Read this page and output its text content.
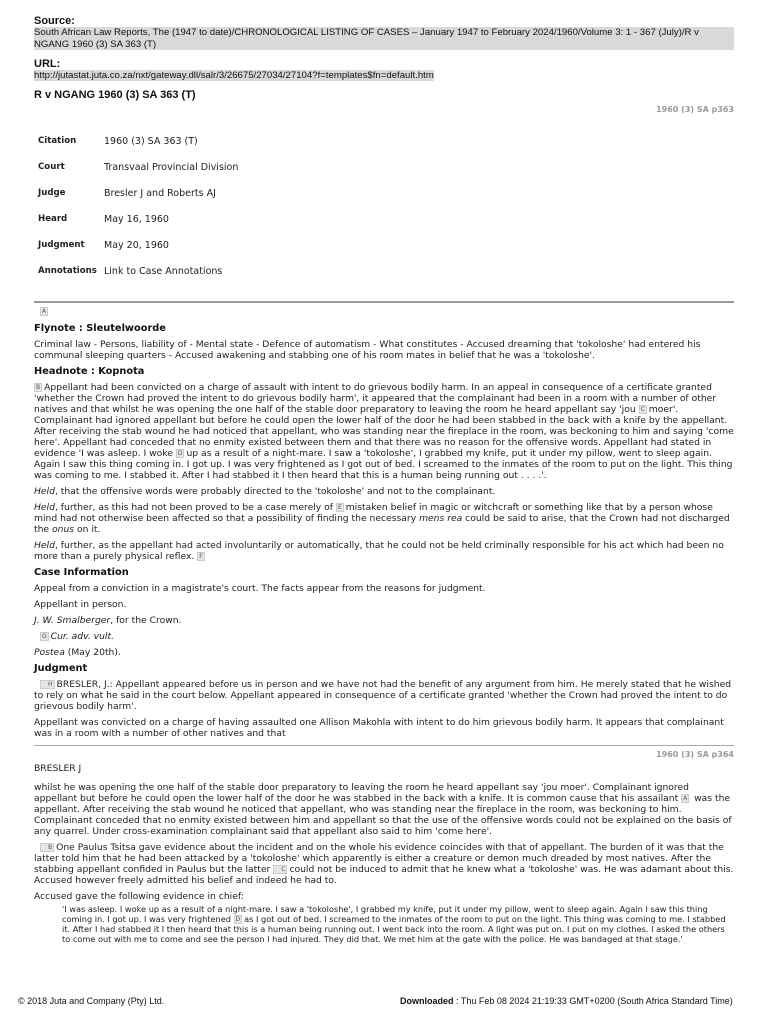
Source:
South African Law Reports, The (1947 to date)/CHRONOLOGICAL LISTING OF CASES – January 1947 to February 2024/1960/Volume 3: 1 - 367 (July)/R v NGANG 1960 (3) SA 363 (T)
URL:
http://jutastat.juta.co.za/nxt/gateway.dll/salr/3/26675/27034/27104?f=templates$fn=default.htm
R v NGANG 1960 (3) SA 363 (T)
1960 (3) SA p363
Citation	1960 (3) SA 363 (T)
Court	Transvaal Provincial Division
Judge	Bresler J and Roberts AJ
Heard	May 16, 1960
Judgment	May 20, 1960
Annotations	Link to Case Annotations
A
Flynote : Sleutelwoorde

Criminal law - Persons, liability of - Mental state - Defence of automatism - What constitutes - Accused dreaming that 'tokoloshe' had entered his communal sleeping quarters - Accused awakening and stabbing one of his room mates in belief that he was a 'tokoloshe'.

Headnote : Kopnota

B Appellant had been convicted on a charge of assault with intent to do grievous bodily harm. In an appeal in consequence of a certificate granted 'whether the Crown had proved the intent to do grievous bodily harm', it appeared that the complainant had been in a room with a number of other natives and that whilst he was opening the one half of the stable door preparatory to leaving the room he heard appellant say 'jou C moer'. Complainant had ignored appellant but before he could open the lower half of the door he had been stabbed in the back with a knife by the appellant. After receiving the stab wound he had noticed that appellant, who was standing near the fireplace in the room, was beckoning to him and saying 'come here'. Appellant had conceded that no enmity existed between them and that there was no reason for the offensive words. Appellant had stated in evidence 'I was asleep. I woke D up as a result of a night-mare. I saw a 'tokoloshe', I grabbed my knife, put it under my pillow, went to sleep again. Again I saw this thing coming in. I got up. I was very frightened as I got out of bed. I screamed to the inmates of the room to put on the light. This thing was coming to me. I stabbed it. After I had stabbed it I then heard that this is a human being running out . . . .'.

Held, that the offensive words were probably directed to the 'tokoloshe' and not to the complainant.

Held, further, as this had not been proved to be a case merely of E mistaken belief in magic or witchcraft or something like that by a person whose mind had not otherwise been affected so that a possibility of finding the necessary mens rea could be said to arise, that the Crown had not discharged the onus on it.

Held, further, as the appellant had acted involuntarily or automatically, that he could not be held criminally responsible for his act which had been no more than a purely physical reflex. F

Case Information

Appeal from a conviction in a magistrate's court. The facts appear from the reasons for judgment.

Appellant in person.

J. W. Smalberger, for the Crown.

G Cur. adv. vult.

Postea (May 20th).

Judgment

H BRESLER, J.: Appellant appeared before us in person and we have not had the benefit of any argument from him. He merely stated that he wished to rely on what he said in the court below. Appellant appeared in consequence of a certificate granted 'whether the Crown had proved the intent to do grievous bodily harm'.

Appellant was convicted on a charge of having assaulted one Allison Makohla with intent to do him grievous bodily harm. It appears that complainant was in a room with a number of other natives and that

1960 (3) SA p364

BRESLER J

whilst he was opening the one half of the stable door preparatory to leaving the room he heard appellant say 'jou moer'. Complainant ignored appellant but before he could open the lower half of the door he was stabbed in the back with a knife. It is common cause that his assailant A was the appellant. After receiving the stab wound he noticed that appellant, who was standing near the fireplace in the room, was beckoning to him. Complainant conceded that no enmity existed between him and appellant so that the use of the offensive words could not be explained on the basis of any quarrel. Under cross-examination complainant said that appellant also said to him 'come here'.

B One Paulus Tsitsa gave evidence about the incident and on the whole his evidence coincides with that of appellant. The burden of it was that the latter told him that he had been attacked by a 'tokoloshe' which apparently is either a creature or demon much dreaded by most natives. After the stabbing appellant confided in Paulus but the latter C could not be induced to admit that he knew what a 'tokoloshe' was. He was adamant about this. Accused however freely admitted his belief and indeed he had to.

Accused gave the following evidence in chief:

'I was asleep. I woke up as a result of a night-mare. I saw a 'tokoloshe', I grabbed my knife, put it under my pillow, went to sleep again. Again I saw this thing coming in. I got up. I was very frightened D as I got out of bed. I screamed to the inmates of the room to put on the light. This thing was coming to me. I stabbed it. After I had stabbed it I then heard that this is a human being running out. I went back into the room. A light was put on. I put on my clothes. I asked the others to come out with me to come and see the person I had injured. They did that. We met him at the gate with the police. He was bandaged at that stage.'

© 2018 Juta and Company (Pty) Ltd.	Downloaded : Thu Feb 08 2024 21:19:33 GMT+0200 (South Africa Standard Time)
